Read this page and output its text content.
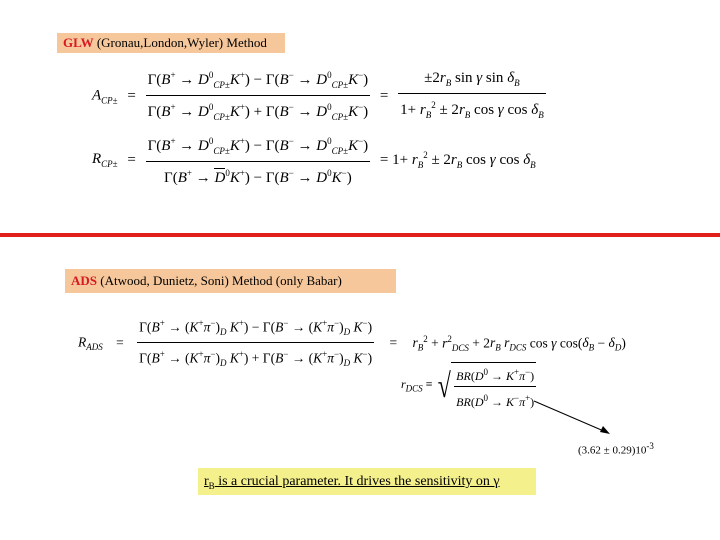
GLW (Gronau,London,Wyler) Method
$A_{CP\pm} = \frac{\Gamma(B^+ \to D^0_{CP\pm}K^+) - \Gamma(B^- \to D^0_{CP\pm}K^-)}{\Gamma(B^+ \to D^0_{CP\pm}K^+) + \Gamma(B^- \to D^0_{CP\pm}K^-)} = \frac{\pm 2r_B \sin \gamma \sin \delta_B}{1+ r_B^2 \pm 2r_B \cos \gamma \cos \delta_B}$
$R_{CP\pm} = \frac{\Gamma(B^+ \to D^0_{CP\pm}K^+) - \Gamma(B^- \to D^0_{CP\pm}K^-)}{\Gamma(B^+ \to D^0K^+) - \Gamma(B^- \to D^0K^-)} = 1+ r_B^2 \pm 2r_B$ cos γ $\cos \delta_B$
ADS (Atwood, Dunietz, Soni) Method (only Babar)
$R_{ADS} = \frac{\Gamma(B^+ \to (K^+\pi^-)_D K^+) - \Gamma(B^- \to (K^+\pi^-)_D K^-)}{\Gamma(B^+ \to (K^+\pi^-)_D K^+) + \Gamma(B^- \to (K^+\pi^-)_D K^-)} = r_B^2 + r^2_{DCS} + 2r_B$ $r_{DCS}$ cos γ $\cos(\delta_B - \delta_D)$
$r_{DCS}$ ≡ √ $\frac{BR(D^0 \to K^+\pi^-)}{BR(D^0 \to K^-\pi^+)}$
$(3.62 \pm 0.29)10^{-3}$
$r_B$ is a crucial parameter. It drives the sensitivity on γ
